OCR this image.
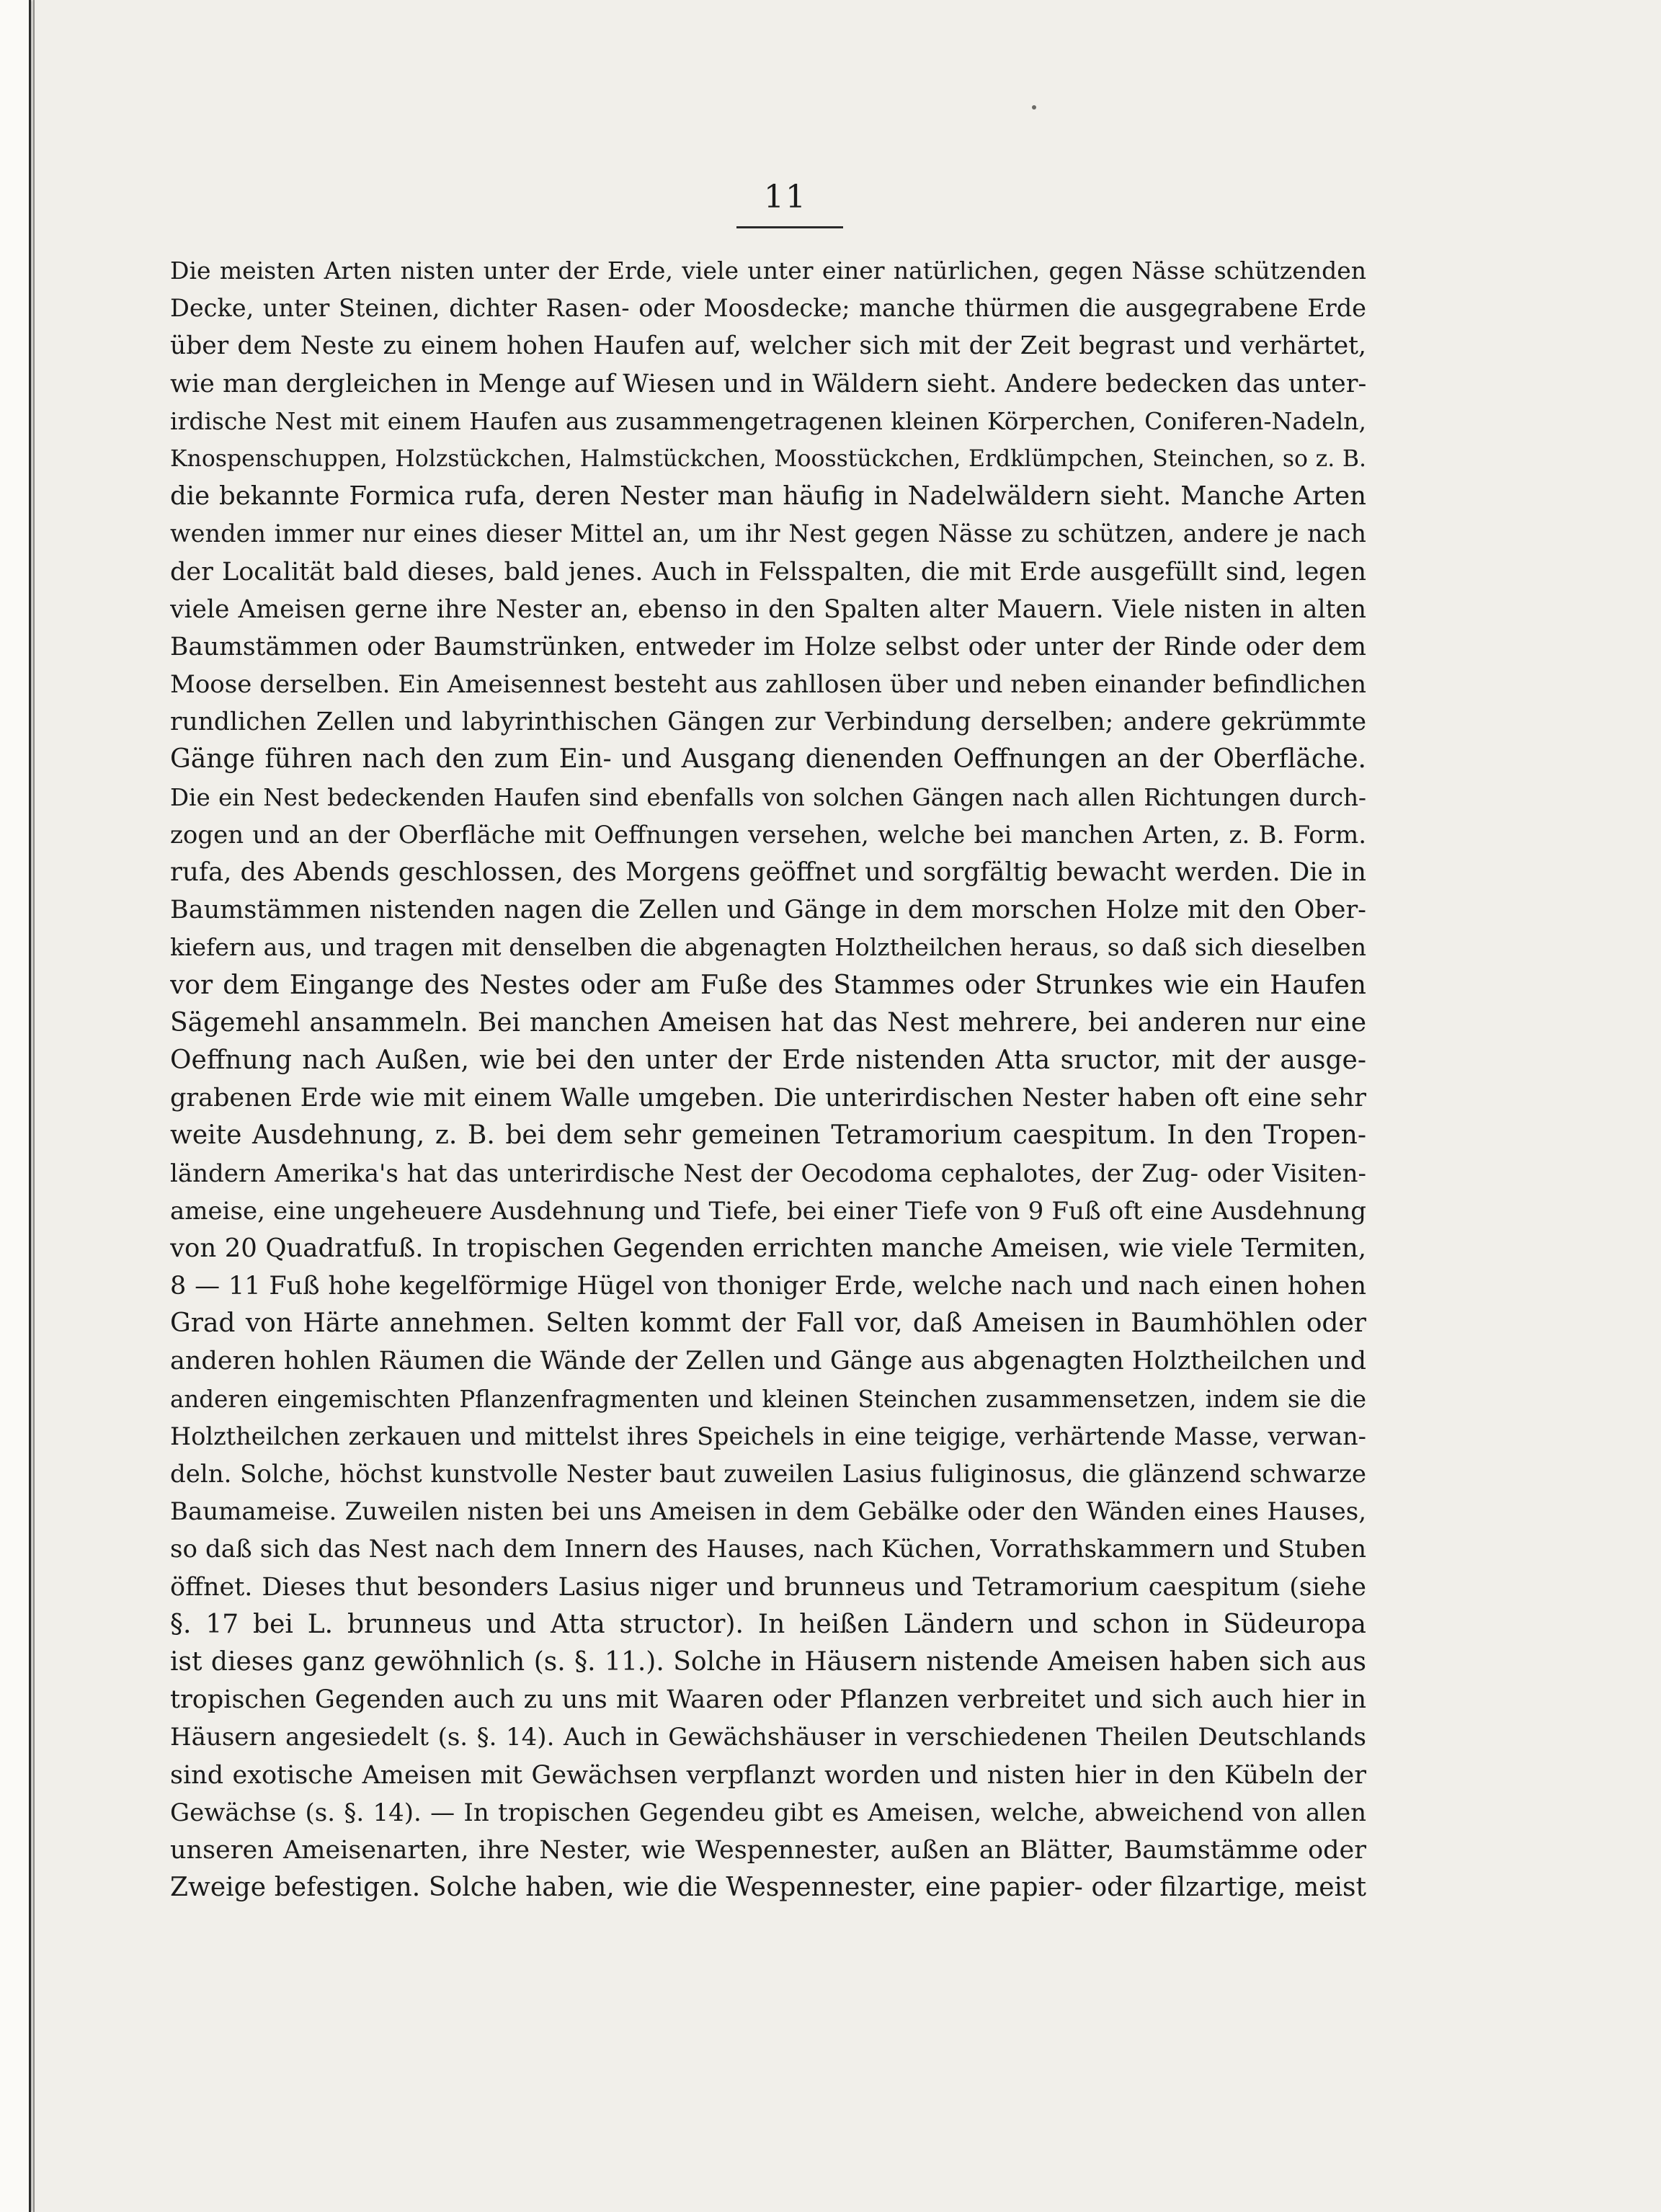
11
Die meisten Arten nisten unter der Erde, viele unter einer natürlichen, gegen Nässe schützenden
Decke, unter Steinen, dichter Rasen- oder Moosdecke; manche thürmen die ausgegrabene Erde
über dem Neste zu einem hohen Haufen auf, welcher sich mit der Zeit begrast und verhärtet,
wie man dergleichen in Menge auf Wiesen und in Wäldern sieht. Andere bedecken das unter-
irdische Nest mit einem Haufen aus zusammengetragenen kleinen Körperchen, Coniferen-Nadeln,
Knospenschuppen, Holzstückchen, Halmstückchen, Moosstückchen, Erdklümpchen, Steinchen, so z. B.
die bekannte Formica rufa, deren Nester man häufig in Nadelwäldern sieht. Manche Arten
wenden immer nur eines dieser Mittel an, um ihr Nest gegen Nässe zu schützen, andere je nach
der Localität bald dieses, bald jenes. Auch in Felsspalten, die mit Erde ausgefüllt sind, legen
viele Ameisen gerne ihre Nester an, ebenso in den Spalten alter Mauern. Viele nisten in alten
Baumstämmen oder Baumstrünken, entweder im Holze selbst oder unter der Rinde oder dem
Moose derselben. Ein Ameisennest besteht aus zahllosen über und neben einander befindlichen
rundlichen Zellen und labyrinthischen Gängen zur Verbindung derselben; andere gekrümmte
Gänge führen nach den zum Ein- und Ausgang dienenden Oeffnungen an der Oberfläche.
Die ein Nest bedeckenden Haufen sind ebenfalls von solchen Gängen nach allen Richtungen durch-
zogen und an der Oberfläche mit Oeffnungen versehen, welche bei manchen Arten, z. B. Form.
rufa, des Abends geschlossen, des Morgens geöffnet und sorgfältig bewacht werden. Die in
Baumstämmen nistenden nagen die Zellen und Gänge in dem morschen Holze mit den Ober-
kiefern aus, und tragen mit denselben die abgenagten Holztheilchen heraus, so daß sich dieselben
vor dem Eingange des Nestes oder am Fuße des Stammes oder Strunkes wie ein Haufen
Sägemehl ansammeln. Bei manchen Ameisen hat das Nest mehrere, bei anderen nur eine
Oeffnung nach Außen, wie bei den unter der Erde nistenden Atta sructor, mit der ausge-
grabenen Erde wie mit einem Walle umgeben. Die unterirdischen Nester haben oft eine sehr
weite Ausdehnung, z. B. bei dem sehr gemeinen Tetramorium caespitum. In den Tropen-
ländern Amerika's hat das unterirdische Nest der Oecodoma cephalotes, der Zug- oder Visiten-
ameise, eine ungeheuere Ausdehnung und Tiefe, bei einer Tiefe von 9 Fuß oft eine Ausdehnung
von 20 Quadratfuß. In tropischen Gegenden errichten manche Ameisen, wie viele Termiten,
8 — 11 Fuß hohe kegelförmige Hügel von thoniger Erde, welche nach und nach einen hohen
Grad von Härte annehmen. Selten kommt der Fall vor, daß Ameisen in Baumhöhlen oder
anderen hohlen Räumen die Wände der Zellen und Gänge aus abgenagten Holztheilchen und
anderen eingemischten Pflanzenfragmenten und kleinen Steinchen zusammensetzen, indem sie die
Holztheilchen zerkauen und mittelst ihres Speichels in eine teigige, verhärtende Masse, verwan-
deln. Solche, höchst kunstvolle Nester baut zuweilen Lasius fuliginosus, die glänzend schwarze
Baumameise. Zuweilen nisten bei uns Ameisen in dem Gebälke oder den Wänden eines Hauses,
so daß sich das Nest nach dem Innern des Hauses, nach Küchen, Vorrathskammern und Stuben
öffnet. Dieses thut besonders Lasius niger und brunneus und Tetramorium caespitum (siehe
§. 17 bei L. brunneus und Atta structor). In heißen Ländern und schon in Südeuropa
ist dieses ganz gewöhnlich (s. §. 11.). Solche in Häusern nistende Ameisen haben sich aus
tropischen Gegenden auch zu uns mit Waaren oder Pflanzen verbreitet und sich auch hier in
Häusern angesiedelt (s. §. 14). Auch in Gewächshäuser in verschiedenen Theilen Deutschlands
sind exotische Ameisen mit Gewächsen verpflanzt worden und nisten hier in den Kübeln der
Gewächse (s. §. 14). — In tropischen Gegendeu gibt es Ameisen, welche, abweichend von allen
unseren Ameisenarten, ihre Nester, wie Wespennester, außen an Blätter, Baumstämme oder
Zweige befestigen. Solche haben, wie die Wespennester, eine papier- oder filzartige, meist
